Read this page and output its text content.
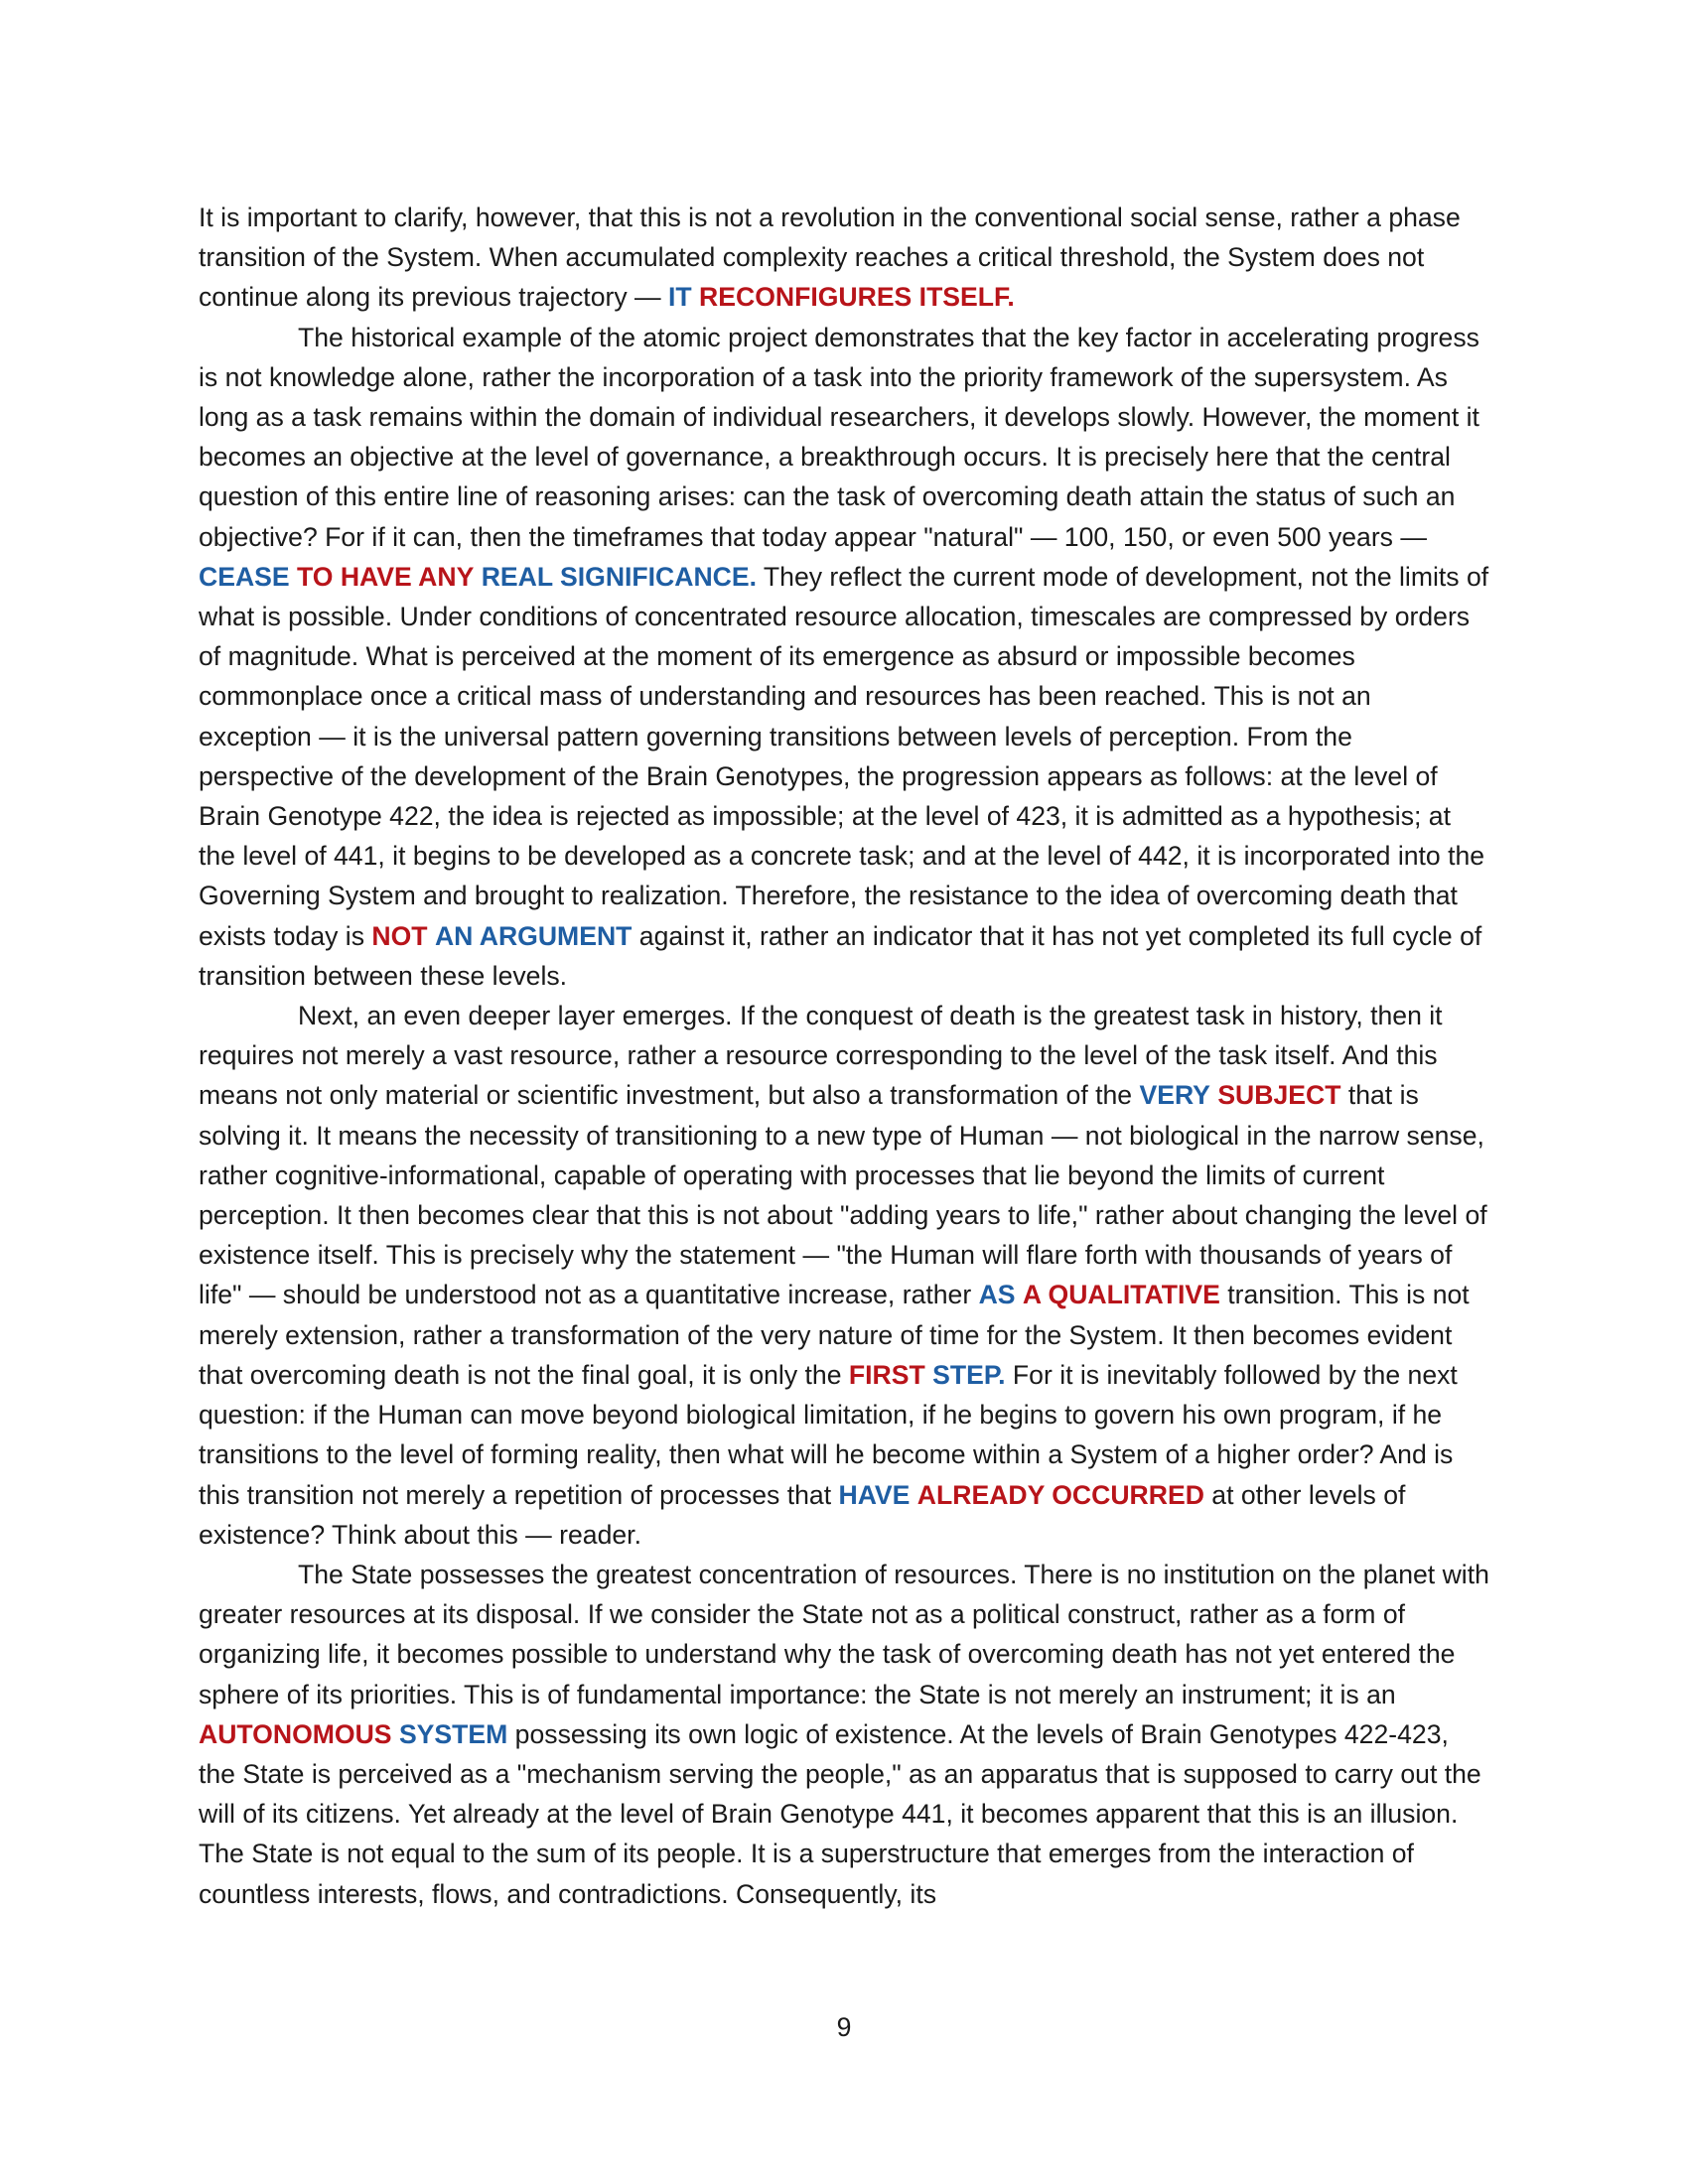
It is important to clarify, however, that this is not a revolution in the conventional social sense, rather a phase transition of the System. When accumulated complexity reaches a critical threshold, the System does not continue along its previous trajectory — IT RECONFIGURES ITSELF.

The historical example of the atomic project demonstrates that the key factor in accelerating progress is not knowledge alone, rather the incorporation of a task into the priority framework of the supersystem. As long as a task remains within the domain of individual researchers, it develops slowly. However, the moment it becomes an objective at the level of governance, a breakthrough occurs. It is precisely here that the central question of this entire line of reasoning arises: can the task of overcoming death attain the status of such an objective? For if it can, then the timeframes that today appear "natural" — 100, 150, or even 500 years — CEASE TO HAVE ANY REAL SIGNIFICANCE. They reflect the current mode of development, not the limits of what is possible. Under conditions of concentrated resource allocation, timescales are compressed by orders of magnitude. What is perceived at the moment of its emergence as absurd or impossible becomes commonplace once a critical mass of understanding and resources has been reached. This is not an exception — it is the universal pattern governing transitions between levels of perception. From the perspective of the development of the Brain Genotypes, the progression appears as follows: at the level of Brain Genotype 422, the idea is rejected as impossible; at the level of 423, it is admitted as a hypothesis; at the level of 441, it begins to be developed as a concrete task; and at the level of 442, it is incorporated into the Governing System and brought to realization. Therefore, the resistance to the idea of overcoming death that exists today is NOT AN ARGUMENT against it, rather an indicator that it has not yet completed its full cycle of transition between these levels.

Next, an even deeper layer emerges. If the conquest of death is the greatest task in history, then it requires not merely a vast resource, rather a resource corresponding to the level of the task itself. And this means not only material or scientific investment, but also a transformation of the VERY SUBJECT that is solving it. It means the necessity of transitioning to a new type of Human — not biological in the narrow sense, rather cognitive-informational, capable of operating with processes that lie beyond the limits of current perception. It then becomes clear that this is not about "adding years to life," rather about changing the level of existence itself. This is precisely why the statement — "the Human will flare forth with thousands of years of life" — should be understood not as a quantitative increase, rather AS A QUALITATIVE transition. This is not merely extension, rather a transformation of the very nature of time for the System. It then becomes evident that overcoming death is not the final goal, it is only the FIRST STEP. For it is inevitably followed by the next question: if the Human can move beyond biological limitation, if he begins to govern his own program, if he transitions to the level of forming reality, then what will he become within a System of a higher order? And is this transition not merely a repetition of processes that HAVE ALREADY OCCURRED at other levels of existence? Think about this — reader.

The State possesses the greatest concentration of resources. There is no institution on the planet with greater resources at its disposal. If we consider the State not as a political construct, rather as a form of organizing life, it becomes possible to understand why the task of overcoming death has not yet entered the sphere of its priorities. This is of fundamental importance: the State is not merely an instrument; it is an AUTONOMOUS SYSTEM possessing its own logic of existence. At the levels of Brain Genotypes 422-423, the State is perceived as a "mechanism serving the people," as an apparatus that is supposed to carry out the will of its citizens. Yet already at the level of Brain Genotype 441, it becomes apparent that this is an illusion. The State is not equal to the sum of its people. It is a superstructure that emerges from the interaction of countless interests, flows, and contradictions. Consequently, its

9
